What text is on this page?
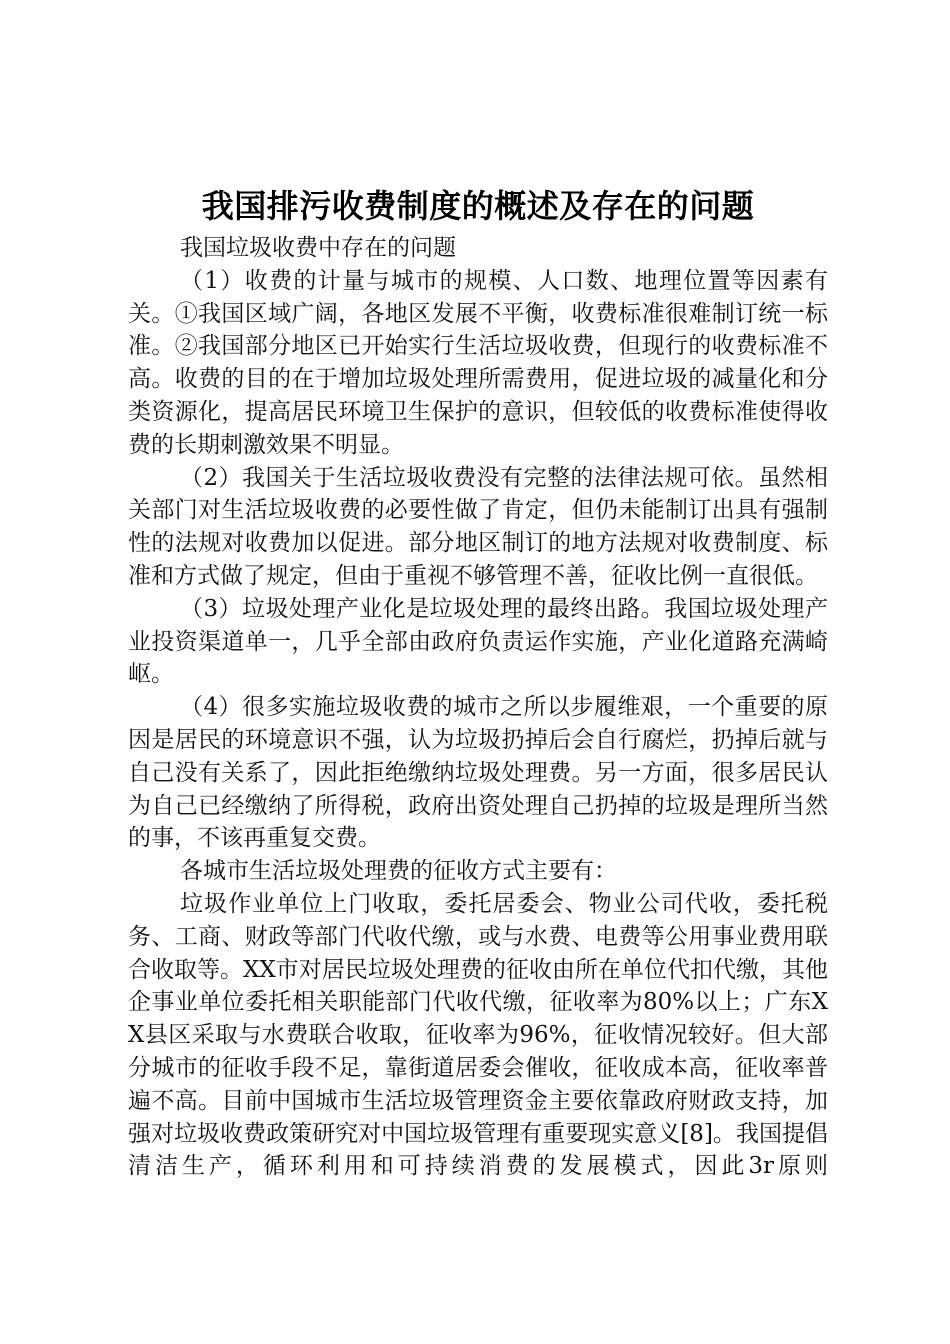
我国排污收费制度的概述及存在的问题

我国垃圾收费中存在的问题

（1）收费的计量与城市的规模、人口数、地理位置等因素有关。①我国区域广阔，各地区发展不平衡，收费标准很难制订统一标准。②我国部分地区已开始实行生活垃圾收费，但现行的收费标准不高。收费的目的在于增加垃圾处理所需费用，促进垃圾的减量化和分类资源化，提高居民环境卫生保护的意识，但较低的收费标准使得收费的长期刺激效果不明显。

（2）我国关于生活垃圾收费没有完整的法律法规可依。虽然相关部门对生活垃圾收费的必要性做了肯定，但仍未能制订出具有强制性的法规对收费加以促进。部分地区制订的地方法规对收费制度、标准和方式做了规定，但由于重视不够管理不善，征收比例一直很低。

（3）垃圾处理产业化是垃圾处理的最终出路。我国垃圾处理产业投资渠道单一，几乎全部由政府负责运作实施，产业化道路充满崎岖。

（4）很多实施垃圾收费的城市之所以步履维艰，一个重要的原因是居民的环境意识不强，认为垃圾扔掉后会自行腐烂，扔掉后就与自己没有关系了，因此拒绝缴纳垃圾处理费。另一方面，很多居民认为自己已经缴纳了所得税，政府出资处理自己扔掉的垃圾是理所当然的事，不该再重复交费。

各城市生活垃圾处理费的征收方式主要有：

垃圾作业单位上门收取，委托居委会、物业公司代收，委托税务、工商、财政等部门代收代缴，或与水费、电费等公用事业费用联合收取等。XX市对居民垃圾处理费的征收由所在单位代扣代缴，其他企事业单位委托相关职能部门代收代缴，征收率为80%以上；广东XX县区采取与水费联合收取，征收率为96%，征收情况较好。但大部分城市的征收手段不足，靠街道居委会催收，征收成本高，征收率普遍不高。目前中国城市生活垃圾管理资金主要依靠政府财政支持，加强对垃圾收费政策研究对中国垃圾管理有重要现实意义[8]。我国提倡清洁生产，循环利用和可持续消费的发展模式，因此3r原则
